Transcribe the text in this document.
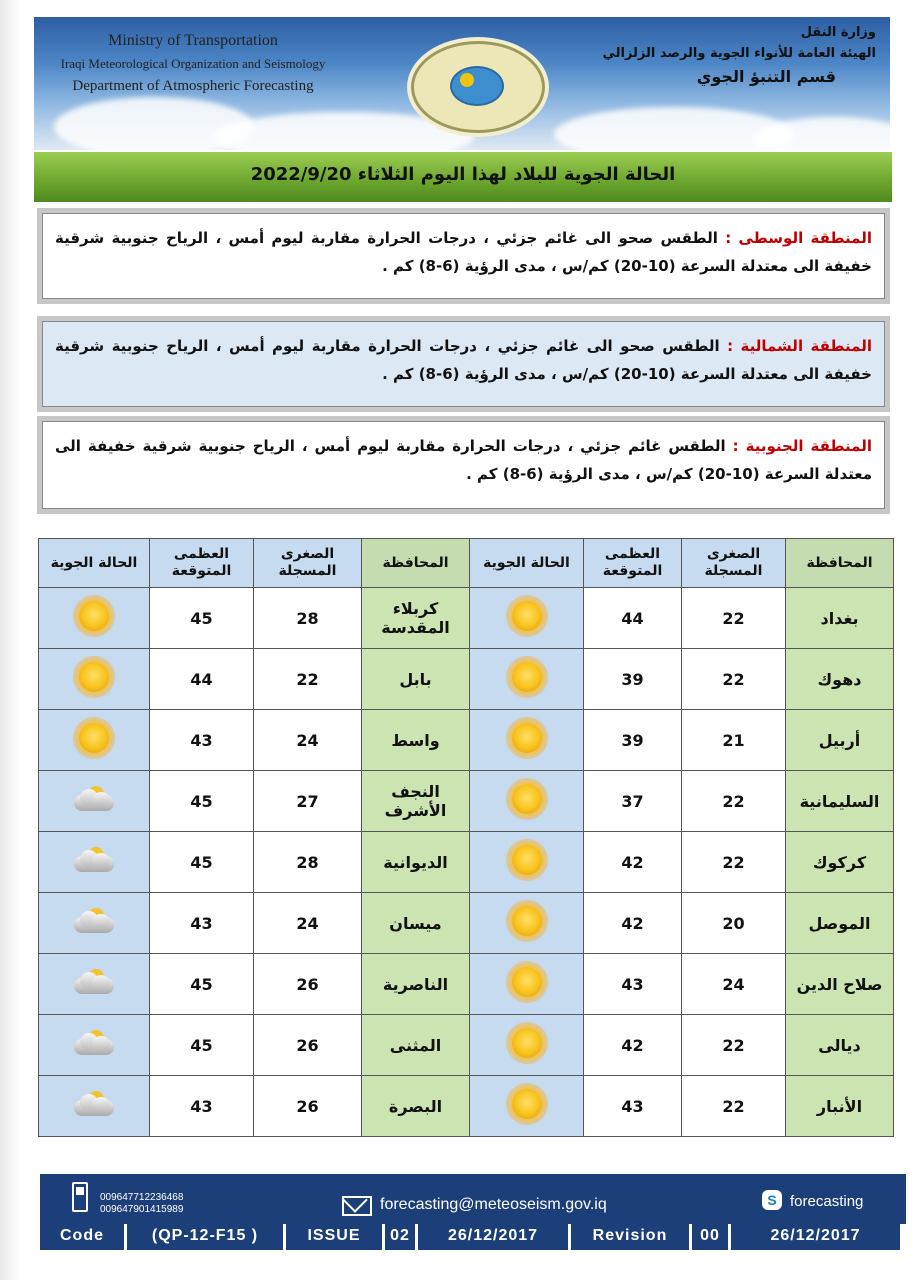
Ministry of Transportation
Iraqi Meteorological Organization and Seismology
Department of Atmospheric Forecasting
وزارة النقل
الهيئة العامة للأنواء الجوية والرصد الزلزالي
قسم التنبؤ الجوي
الحالة الجوية للبلاد لهذا اليوم الثلاثاء 2022/9/20
المنطقة الوسطى : الطقس صحو الى غائم جزئي ، درجات الحرارة مقاربة ليوم أمس ، الرياح جنوبية شرقية خفيفة الى معتدلة السرعة (10-20) كم/س ، مدى الرؤية (6-8) كم .
المنطقة الشمالية : الطقس صحو الى غائم جزئي ، درجات الحرارة مقاربة ليوم أمس ، الرياح جنوبية شرقية خفيفة الى معتدلة السرعة (10-20) كم/س ، مدى الرؤية (6-8) كم .
المنطقة الجنوبية : الطقس غائم جزئي ، درجات الحرارة مقاربة ليوم أمس ، الرياح جنوبية شرقية خفيفة الى معتدلة السرعة (10-20) كم/س ، مدى الرؤية (6-8) كم .
المحافظة	الصغرى المسجلة	العظمى المتوقعة	الحالة الجوية	المحافظة	الصغرى المسجلة	العظمى المتوقعة	الحالة الجوية
بغداد	22	44		كربلاء المقدسة	28	45	
دهوك	22	39		بابل	22	44	
أربيل	21	39		واسط	24	43	
السليمانية	22	37		النجف الأشرف	27	45	

كركوك	22	42		الديوانية	28	45	

الموصل	20	42		ميسان	24	43	

صلاح الدين	24	43		الناصرية	26	45	

ديالى	22	42		المثنى	26	45	

الأنبار	22	43		البصرة	26	43	
009647712236468
009647901415989	forecasting@meteoseism.gov.iq	S forecasting
Code	(QP-12-F15 )	ISSUE	02	26/12/2017	Revision	00	26/12/2017
